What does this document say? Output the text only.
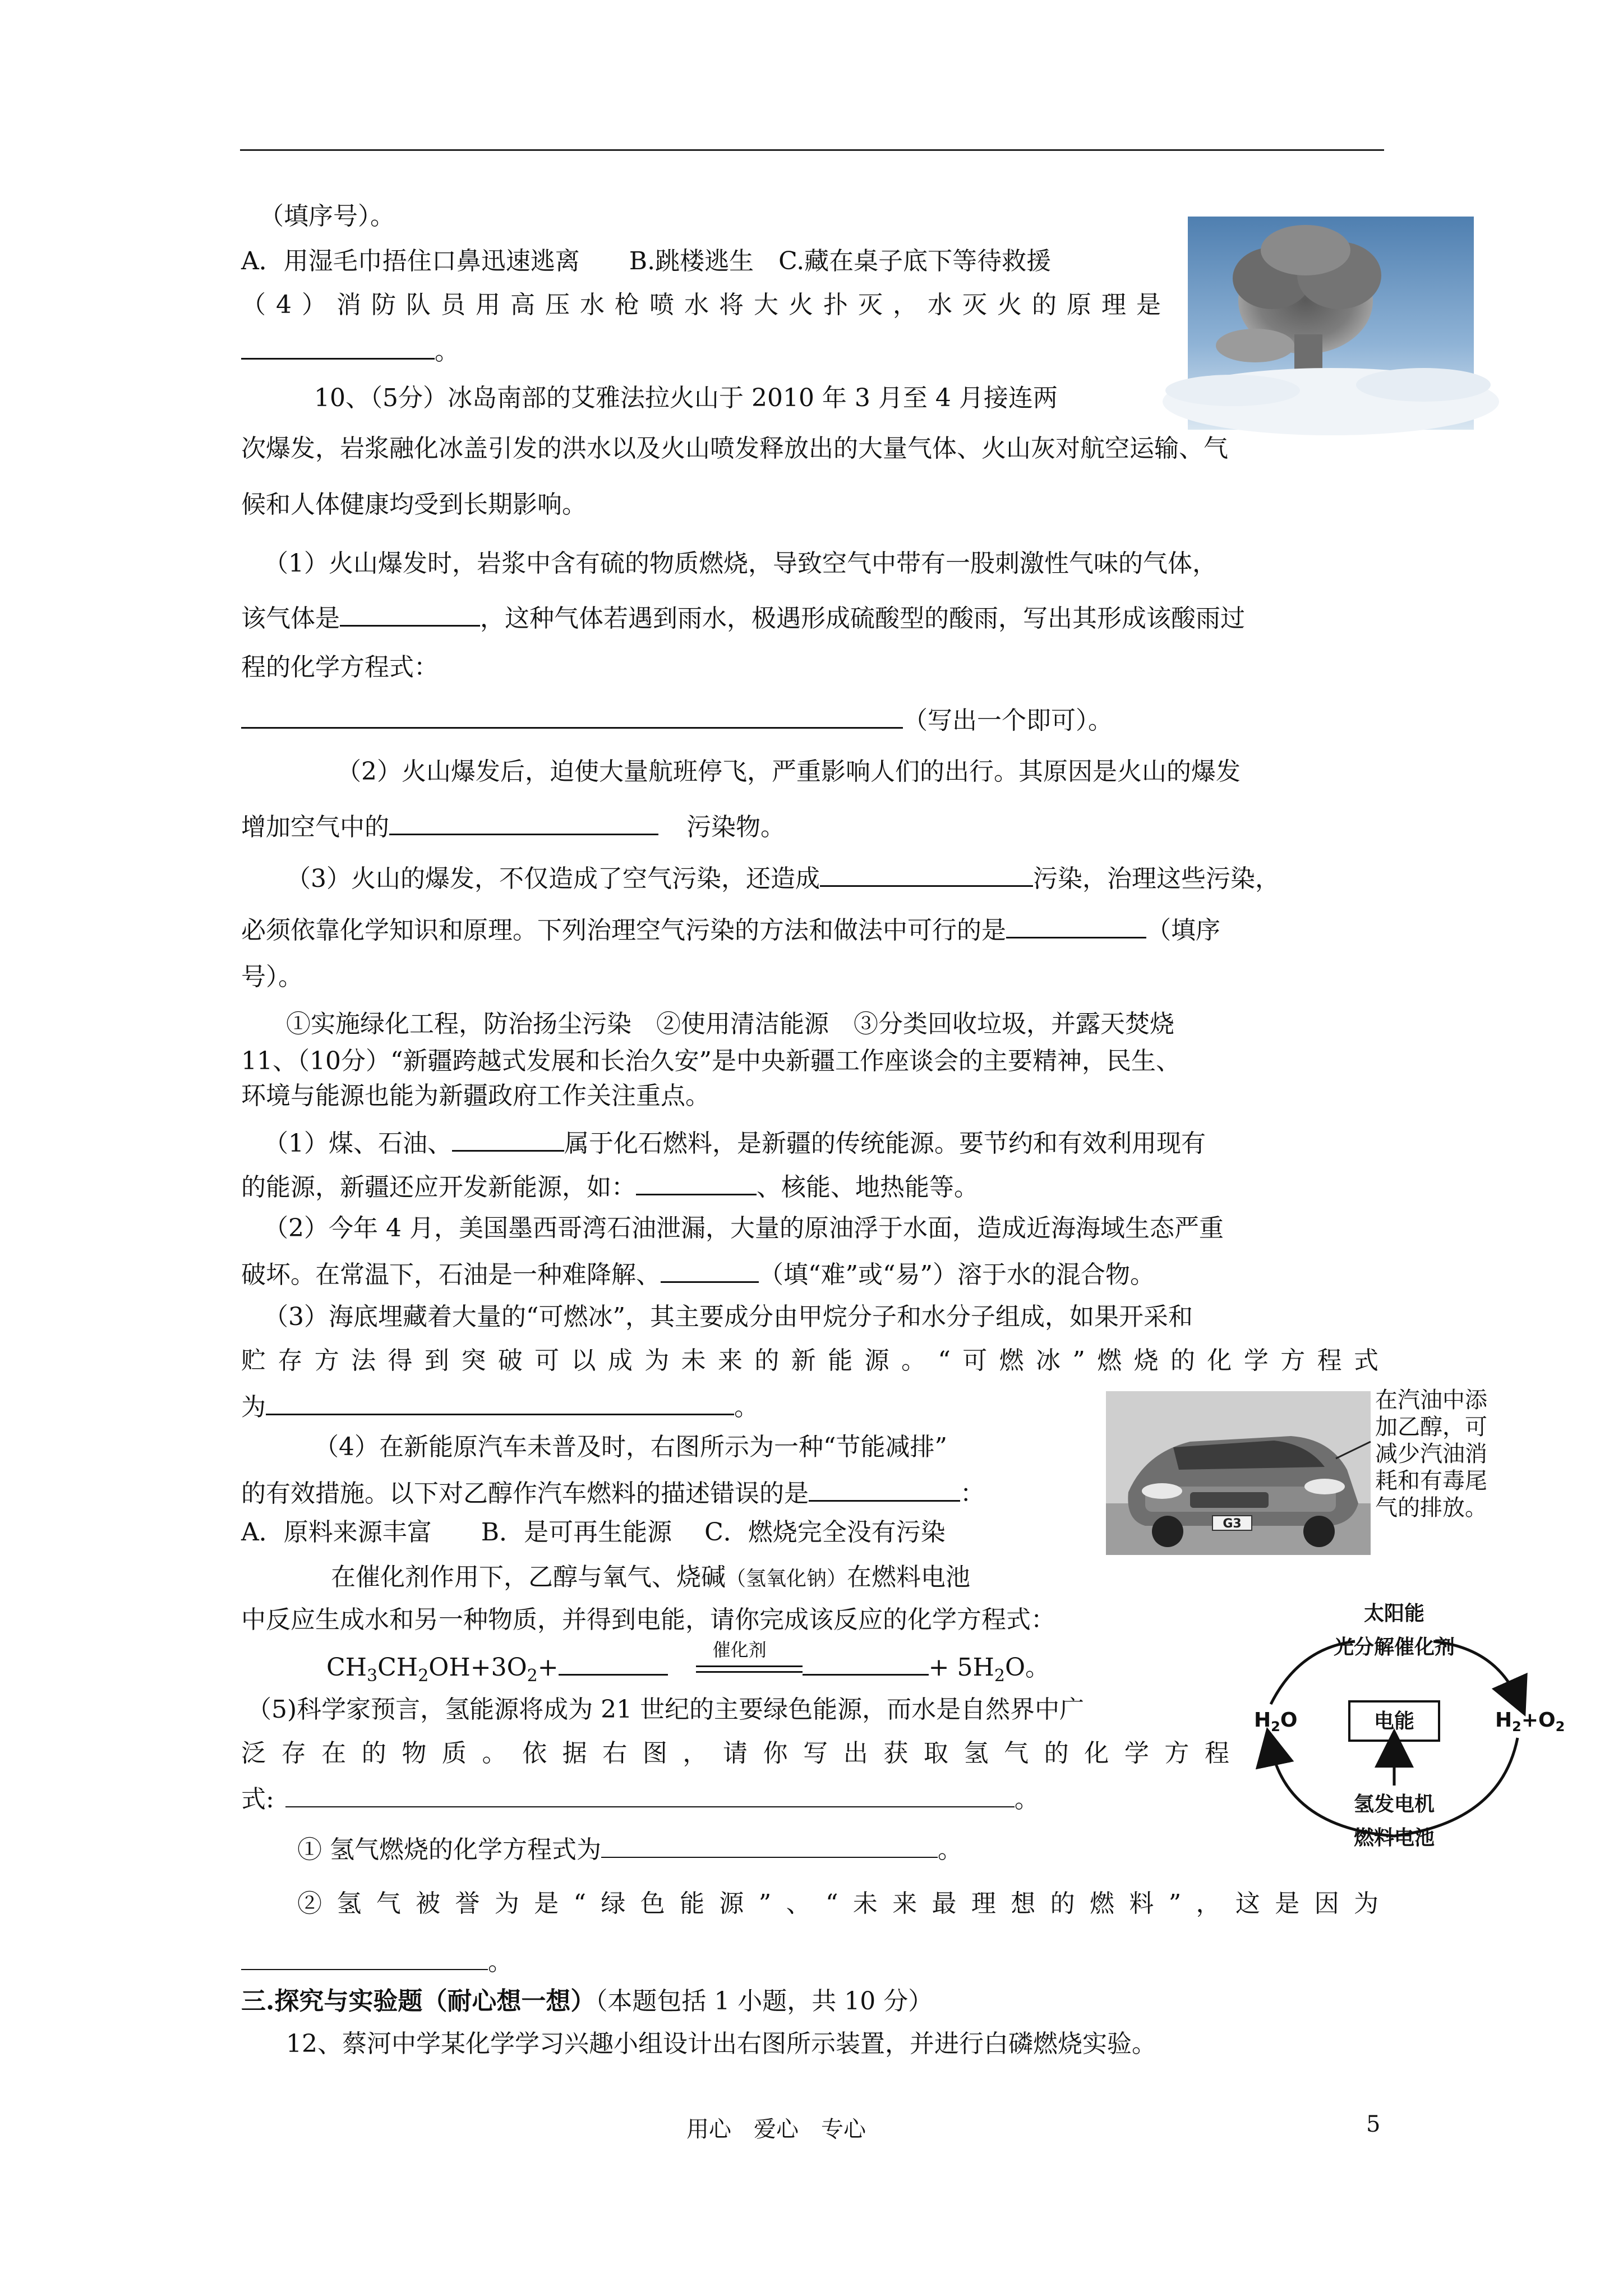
（填序号）。
A．用湿毛巾捂住口鼻迅速逃离　　B.跳楼逃生　C.藏在桌子底下等待救援
（4）消防队员用高压水枪喷水将大火扑灭，水灭火的原理是
。
10、（5分）冰岛南部的艾雅法拉火山于 2010 年 3 月至 4 月接连两
次爆发，岩浆融化冰盖引发的洪水以及火山喷发释放出的大量气体、火山灰对航空运输、气
候和人体健康均受到长期影响。
（1）火山爆发时，岩浆中含有硫的物质燃烧，导致空气中带有一股刺激性气味的气体，
该气体是	，这种气体若遇到雨水，极遇形成硫酸型的酸雨，写出其形成该酸雨过
程的化学方程式：
（写出一个即可）。
（2）火山爆发后，迫使大量航班停飞，严重影响人们的出行。其原因是火山的爆发
增加空气中的	污染物。
（3）火山的爆发，不仅造成了空气污染，还造成	污染，治理这些污染，
必须依靠化学知识和原理。下列治理空气污染的方法和做法中可行的是	（填序
号）。
①实施绿化工程，防治扬尘污染　②使用清洁能源　③分类回收垃圾，并露天焚烧
11、（10分）“新疆跨越式发展和长治久安”是中央新疆工作座谈会的主要精神，民生、
环境与能源也能为新疆政府工作关注重点。
（1）煤、石油、	属于化石燃料，是新疆的传统能源。要节约和有效利用现有
的能源，新疆还应开发新能源，如：	、核能、地热能等。
（2）今年 4 月，美国墨西哥湾石油泄漏，大量的原油浮于水面，造成近海海域生态严重
破坏。在常温下，石油是一种难降解、	（填“难”或“易”）溶于水的混合物。
（3）海底埋藏着大量的“可燃冰”，其主要成分由甲烷分子和水分子组成，如果开采和
贮存方法得到突破可以成为未来的新能源。“可燃冰”燃烧的化学方程式
为	。
G3
在汽油中添
加乙醇，可
减少汽油消
耗和有毒尾
气的排放。
（4）在新能原汽车未普及时，右图所示为一种“节能减排”
的有效措施。以下对乙醇作汽车燃料的描述错误的是	：
A．原料来源丰富　　B．是可再生能源　 C．燃烧完全没有污染
在催化剂作用下，乙醇与氧气、烧碱（氢氧化钠）在燃料电池
中反应生成水和另一种物质，并得到电能，请你完成该反应的化学方程式：
$CH_3CH_2OH+3O_2+$
催化剂
+ $5H_2O$。
太阳能
光分解催化剂
$H_2O$	$H_2+O_2$
电能
氢发电机
燃料电池
（5)科学家预言，氢能源将成为 21 世纪的主要绿色能源，而水是自然界中广
泛存在的物质。依据右图，请你写出获取氢气的化学方程
式:	。
① 氢气燃烧的化学方程式为	。
②氢气被誉为是“绿色能源”、“未来最理想的燃料”，这是因为
。
三.探究与实验题（耐心想一想）（本题包括 1 小题，共 10 分）
12、蔡河中学某化学学习兴趣小组设计出右图所示装置，并进行白磷燃烧实验。
用心　爱心　专心	5
